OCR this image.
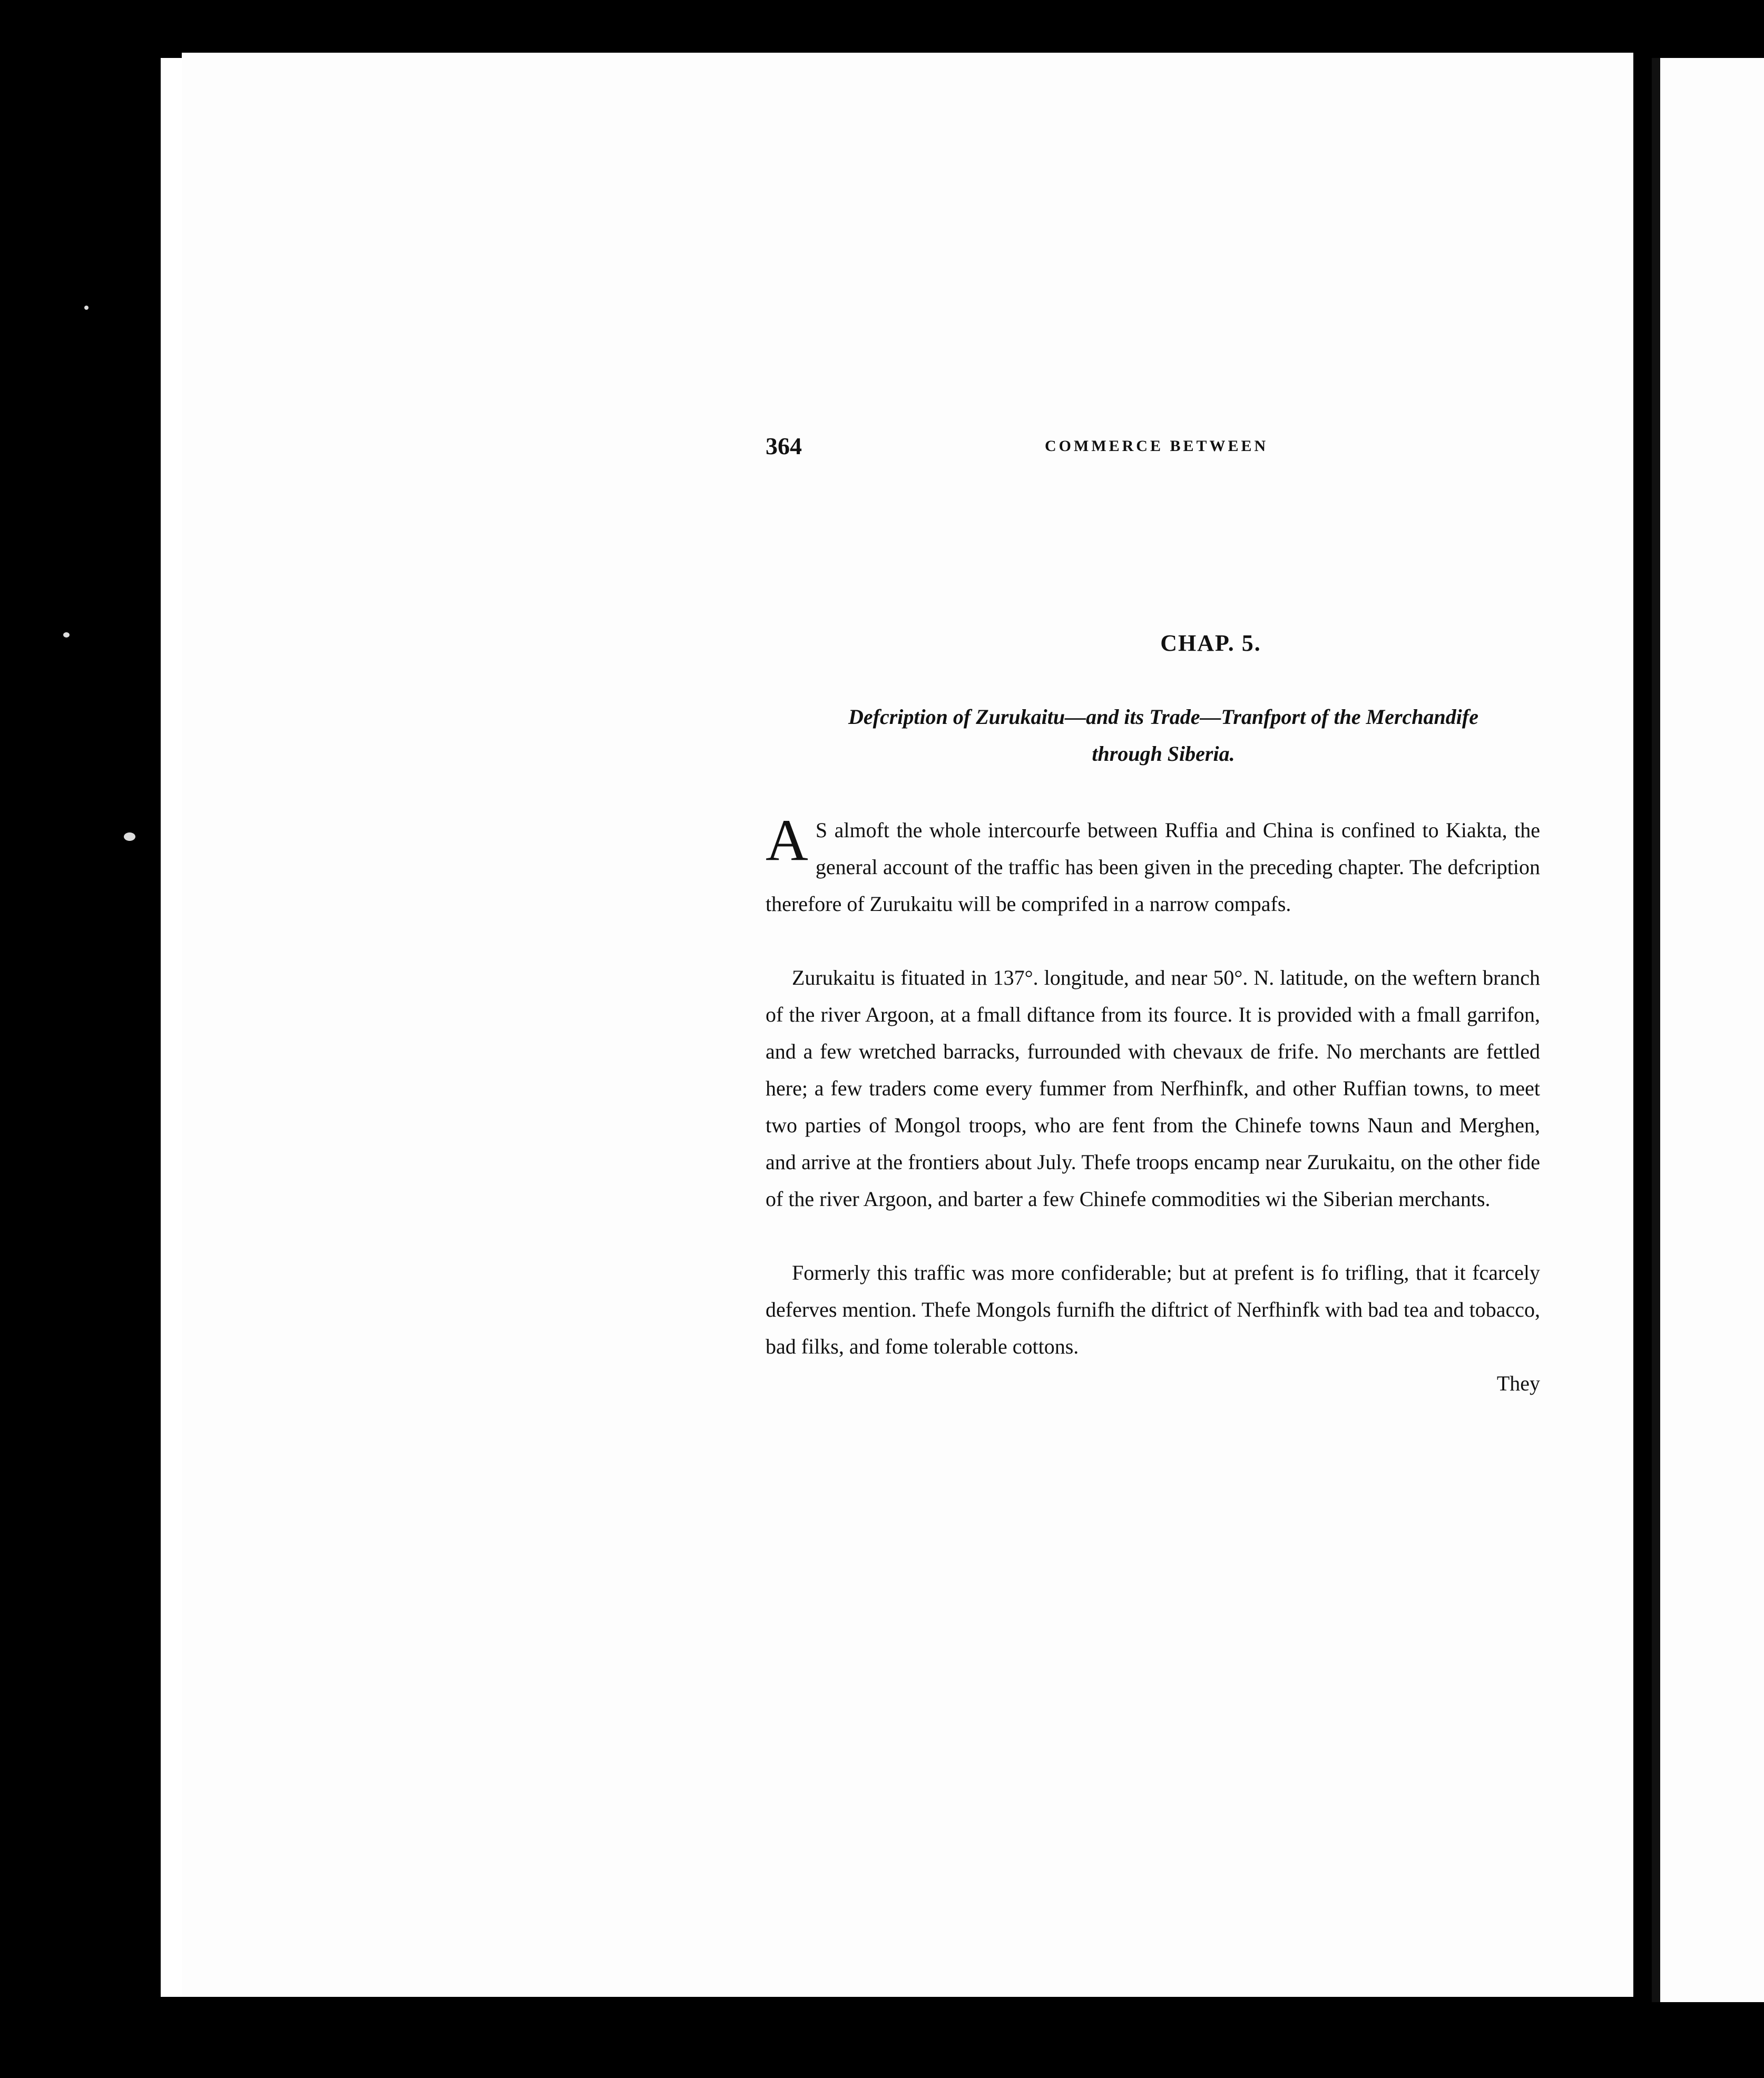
364	COMMERCE BETWEEN
CHAP. 5.
Defcription of Zurukaitu—and its Trade—Tranfport of the Merchandife
through Siberia.

A S almoft the whole intercourfe between Ruffia and China is confined to Kiakta, the general account of the traffic has been given in the preceding chapter. The defcription therefore of Zurukaitu will be comprifed in a narrow compafs.

Zurukaitu is fituated in 137°. longitude, and near 50°. N. latitude, on the weftern branch of the river Argoon, at a fmall diftance from its fource. It is provided with a fmall garrifon, and a few wretched barracks, furrounded with chevaux de frife. No merchants are fettled here; a few traders come every fummer from Nerfhinfk, and other Ruffian towns, to meet two parties of Mongol troops, who are fent from the Chinefe towns Naun and Merghen, and arrive at the frontiers about July. Thefe troops encamp near Zurukaitu, on the other fide of the river Argoon, and barter a few Chinefe commodities wi the Siberian merchants.

Formerly this traffic was more confiderable; but at prefent is fo trifling, that it fcarcely deferves mention. Thefe Mongols furnifh the diftrict of Nerfhinfk with bad tea and tobacco, bad filks, and fome tolerable cottons.

They
